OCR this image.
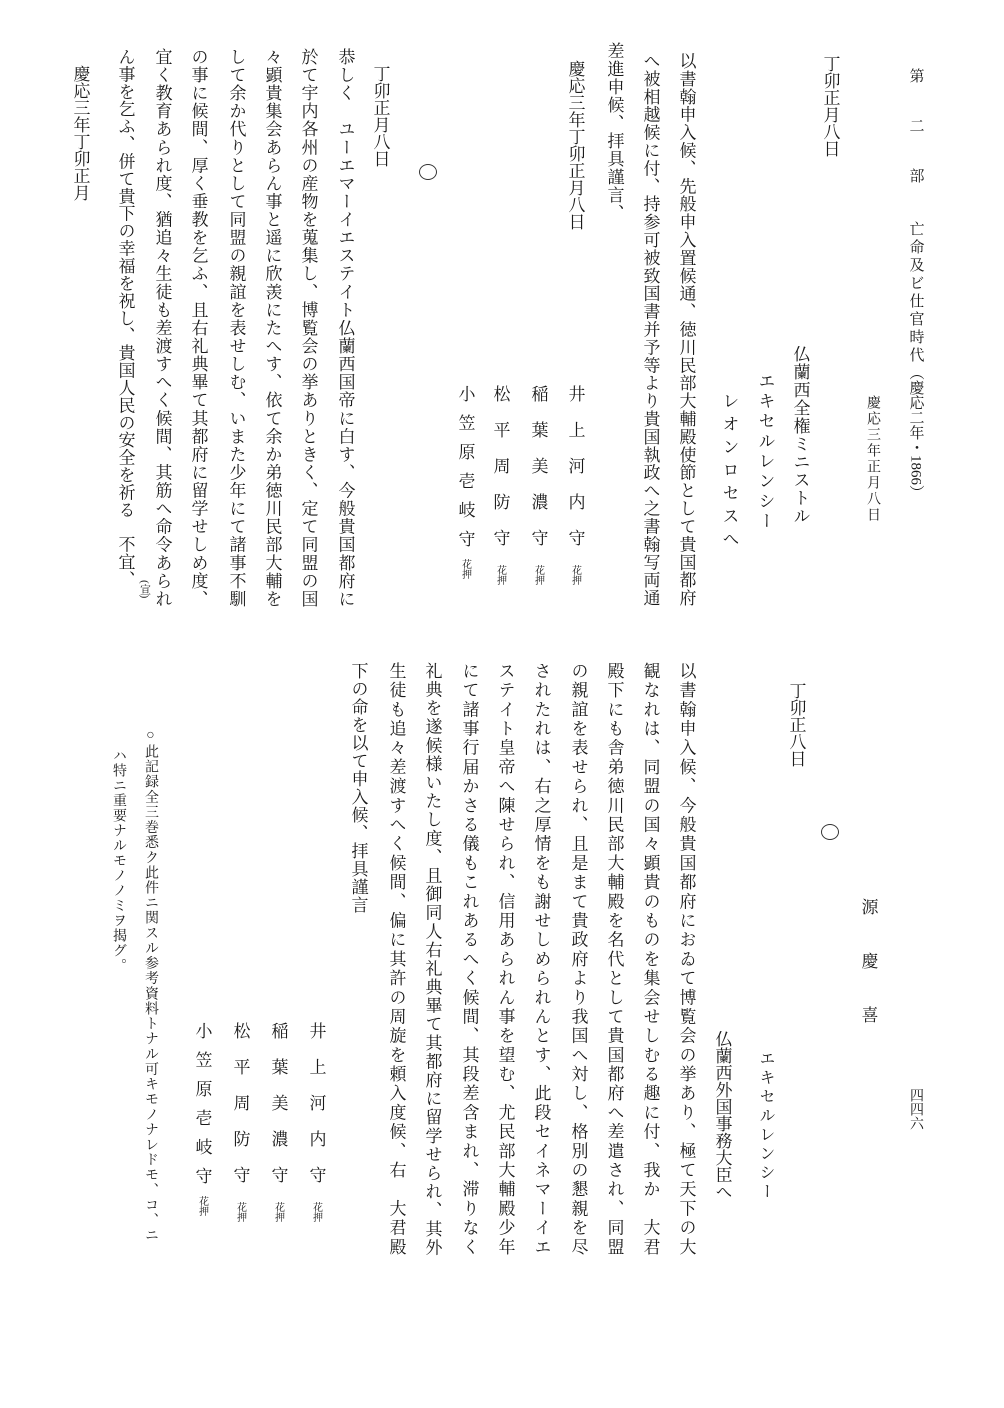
第　二　部亡命及ビ仕官時代（慶応二年・1866）
四四六
慶応三年正月八日
丁卯正月八日
仏蘭西全権ミニストル
エキセルレンシー
レオンロセスへ
以書翰申入候、先般申入置候通、徳川民部大輔殿使節として貴国都府
へ被相越候に付、持参可被致国書并予等より貴国執政へ之書翰写両通
差進申候、拝具謹言、
慶応三年丁卯正月八日
井上河内守花押
稲葉美濃守花押
松平周防守花押
小笠原壱岐守花押
丁卯正月八日
恭しく　ユーエマーイエステイト仏蘭西国帝に白す、今般貴国都府に
於て宇内各州の産物を蒐集し、博覧会の挙ありときく、定て同盟の国
々顕貴集会あらん事と遥に欣羡にたへす、依て余か弟徳川民部大輔を
して余か代りとして同盟の親誼を表せしむ、いまた少年にて諸事不馴
の事に候間、厚く垂教を乞ふ、且右礼典畢て其都府に留学せしめ度、
宜く教育あられ度、猶追々生徒も差渡すへく候間、其筋へ命令あられ
ん事を乞ふ、併て貴下の幸福を祝し、貴国人民の安全を祈る　不宜、
(宣)
慶応三年丁卯正月
源　慶　喜
丁卯正八日
エキセルレンシー
仏蘭西外国事務大臣へ
以書翰申入候、今般貴国都府におゐて博覧会の挙あり、極て天下の大
観なれは、同盟の国々顕貴のものを集会せしむる趣に付、我か　大君
殿下にも舎弟徳川民部大輔殿を名代として貴国都府へ差遣され、同盟
の親誼を表せられ、且是まて貴政府より我国へ対し、格別の懇親を尽
されたれは、右之厚情をも謝せしめられんとす、此段セイネマーイエ
ステイト皇帝へ陳せられ、信用あられん事を望む、尤民部大輔殿少年
にて諸事行届かさる儀もこれあるへく候間、其段差含まれ、滞りなく
礼典を遂候様いたし度、且御同人右礼典畢て其都府に留学せられ、其外
生徒も追々差渡すへく候間、偏に其許の周旋を頼入度候、右　大君殿
下の命を以て申入候、拝具謹言
井上河内守花押
稲葉美濃守花押
松平周防守花押
小笠原壱岐守花押
○此記録全三巻悉ク此件ニ関スル参考資料トナル可キモノナレドモ、コ、ニ
ハ特ニ重要ナルモノノミヲ揭グ。
